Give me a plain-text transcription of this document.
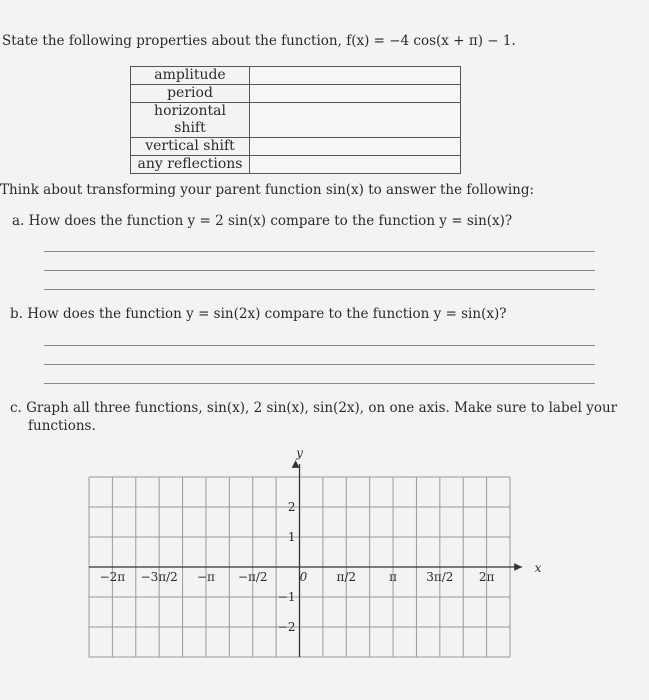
State the following properties about the function, f(x) = −4 cos(x + π) − 1.
amplitude	
period	
horizontal shift	
vertical shift	
any reflections	
Think about transforming your parent function sin(x) to answer the following:
a. How does the function y = 2 sin(x) compare to the function y = sin(x)?
b. How does the function y = sin(2x) compare to the function y = sin(x)?
c. Graph all three functions, sin(x), 2 sin(x), sin(2x), on one axis. Make sure to label your
functions.
x
y
−2π −3π/2 −π −π/2	0 π/2	π 3π/2 2π
2
1
−1
−2
